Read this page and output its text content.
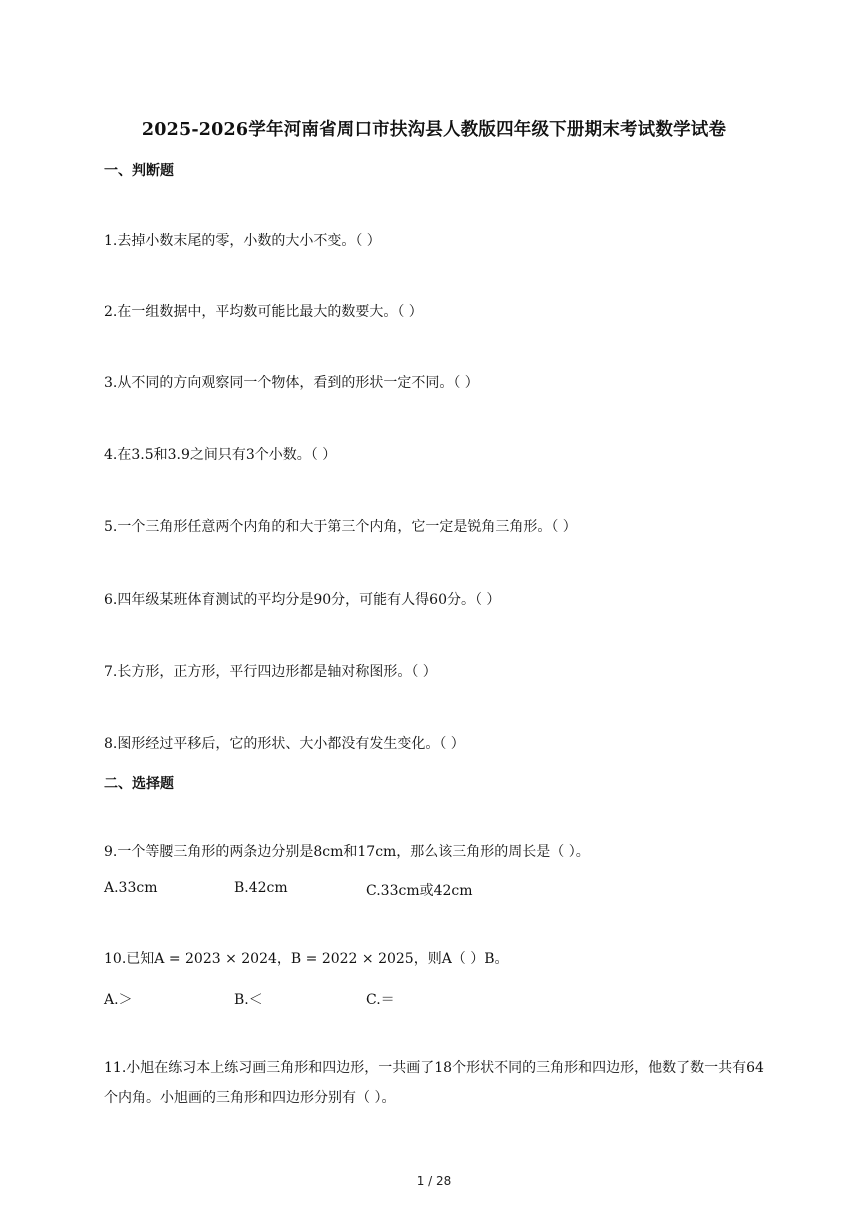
2025-2026学年河南省周口市扶沟县人教版四年级下册期末考试数学试卷
一、判断题
1.去掉小数末尾的零，小数的大小不变。（ ）
2.在一组数据中，平均数可能比最大的数要大。（ ）
3.从不同的方向观察同一个物体，看到的形状一定不同。（ ）
4.在3.5和3.9之间只有3个小数。（ ）
5.一个三角形任意两个内角的和大于第三个内角，它一定是锐角三角形。（ ）
6.四年级某班体育测试的平均分是90分，可能有人得60分。（ ）
7.长方形，正方形，平行四边形都是轴对称图形。（ ）
8.图形经过平移后，它的形状、大小都没有发生变化。（ ）
二、选择题
9.一个等腰三角形的两条边分别是8cm和17cm，那么该三角形的周长是（ ）。
A.33cm	B.42cm	C.33cm或42cm
10.已知A = 2023 × 2024，B = 2022 × 2025，则A（ ）B。
A.＞	B.＜	C.＝
11.小旭在练习本上练习画三角形和四边形，一共画了18个形状不同的三角形和四边形，他数了数一共有64个内角。小旭画的三角形和四边形分别有（ ）。
1 / 28
